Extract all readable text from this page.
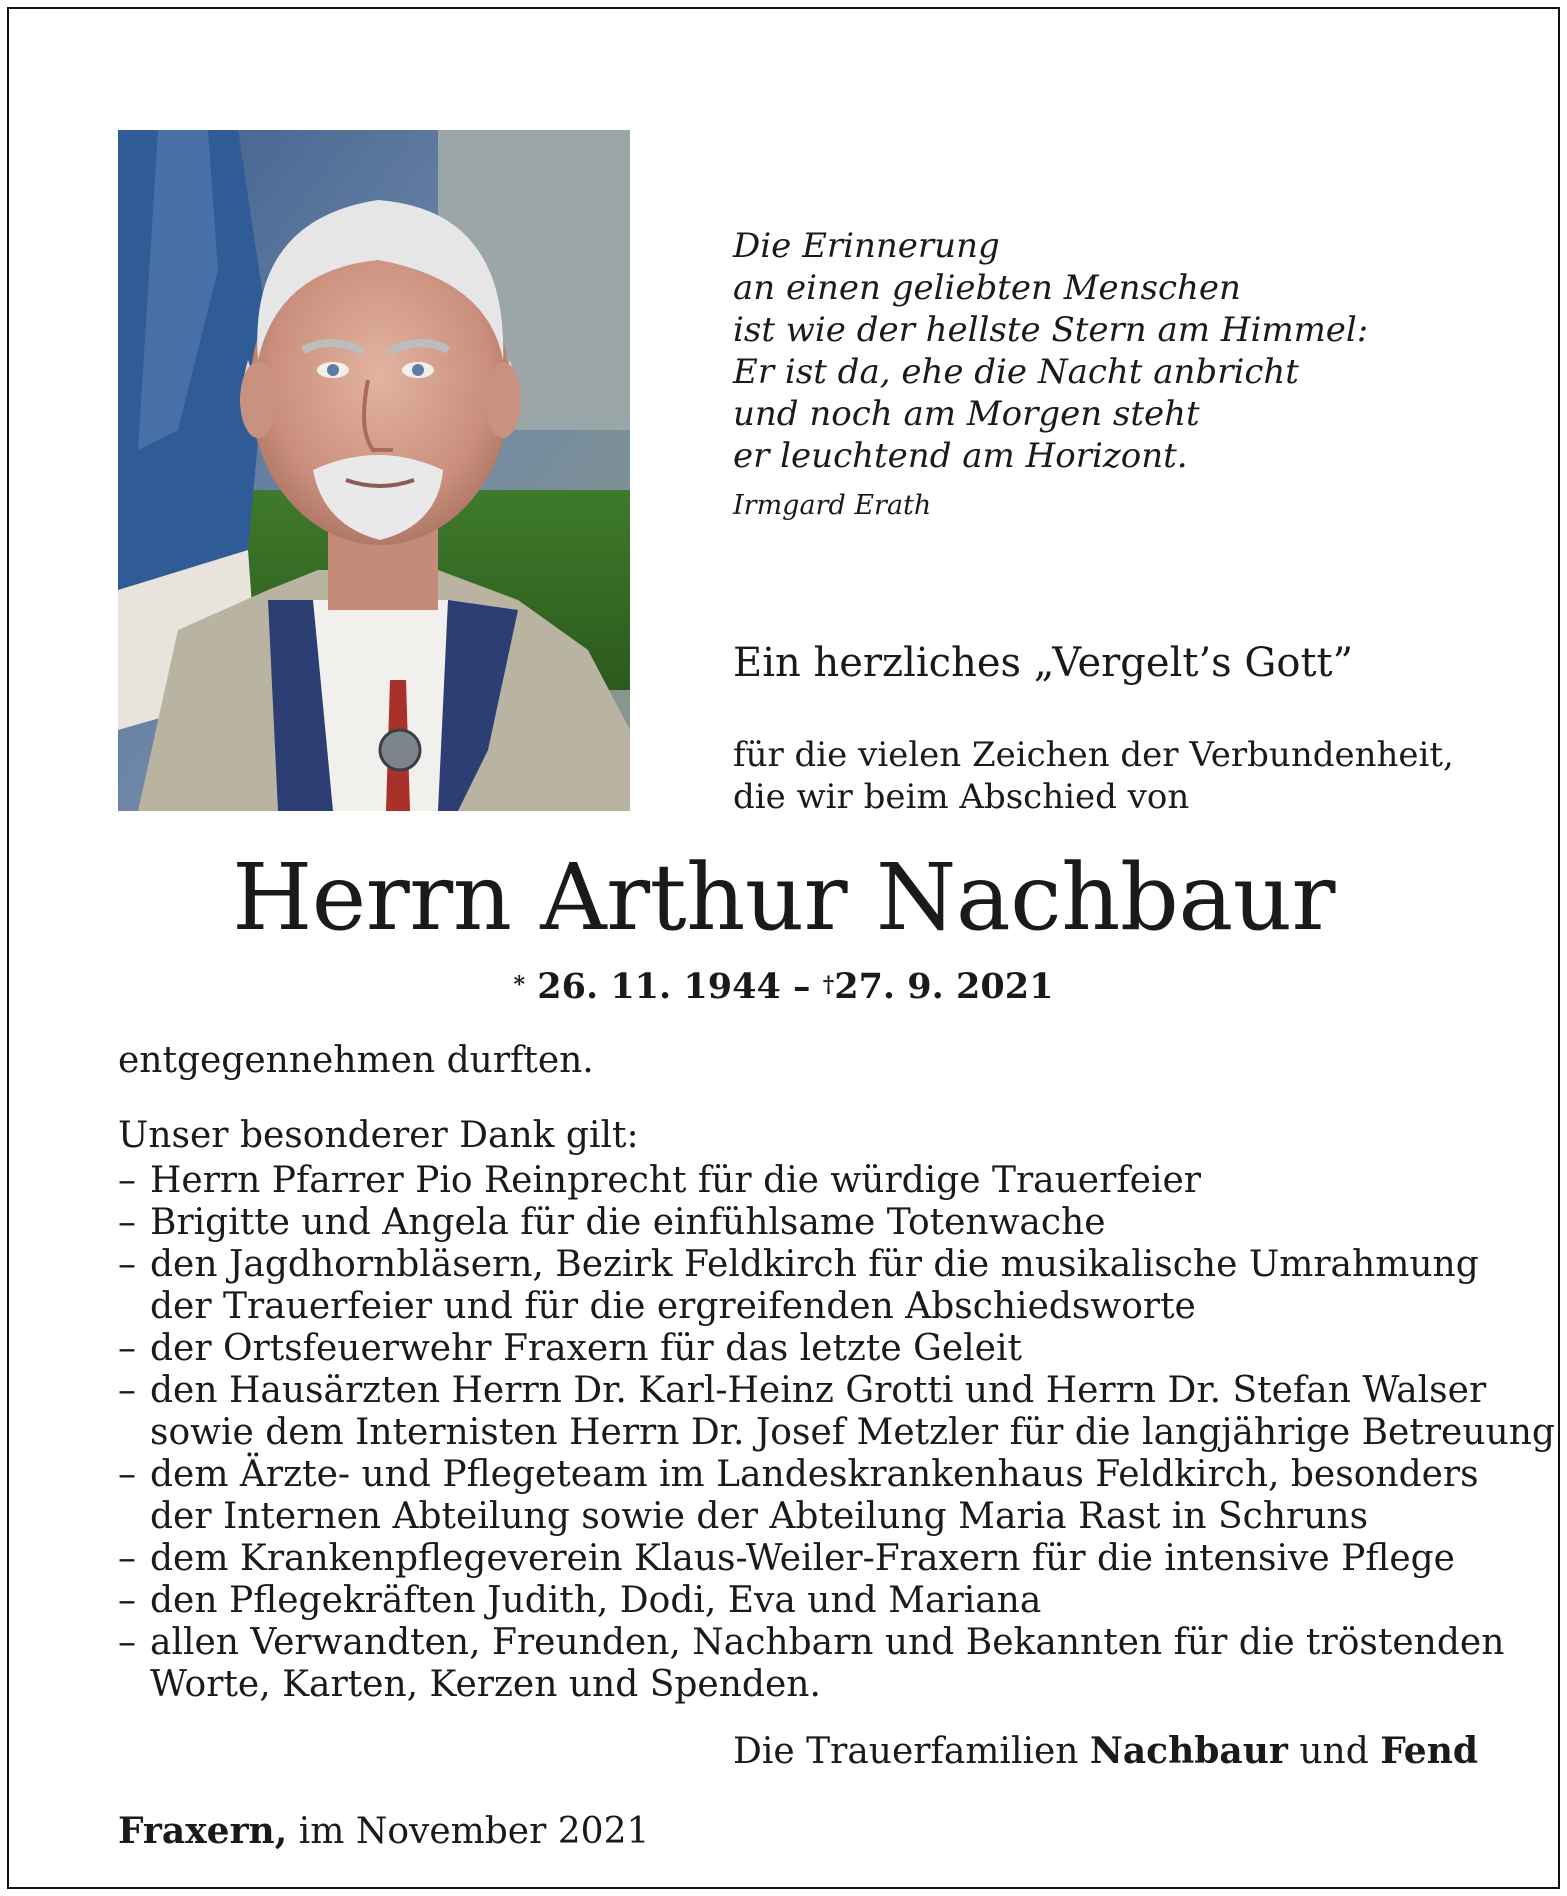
Die Erinnerung
an einen geliebten Menschen
ist wie der hellste Stern am Himmel:
Er ist da, ehe die Nacht anbricht
und noch am Morgen steht
er leuchtend am Horizont.
Irmgard Erath
Ein herzliches „Vergelt’s Gott”
für die vielen Zeichen der Verbundenheit,
die wir beim Abschied von
Herrn Arthur Nachbaur
* 26. 11. 1944 – †27. 9. 2021
entgegennehmen durften.
Unser besonderer Dank gilt:
– Herrn Pfarrer Pio Reinprecht für die würdige Trauerfeier
– Brigitte und Angela für die einfühlsame Totenwache
– den Jagdhornbläsern, Bezirk Feldkirch für die musikalische Umrahmung
der Trauerfeier und für die ergreifenden Abschiedsworte
– der Ortsfeuerwehr Fraxern für das letzte Geleit
– den Hausärzten Herrn Dr. Karl-Heinz Grotti und Herrn Dr. Stefan Walser
sowie dem Internisten Herrn Dr. Josef Metzler für die langjährige Betreuung
– dem Ärzte- und Pflegeteam im Landeskrankenhaus Feldkirch, besonders
der Internen Abteilung sowie der Abteilung Maria Rast in Schruns
– dem Krankenpflegeverein Klaus-Weiler-Fraxern für die intensive Pflege
– den Pflegekräften Judith, Dodi, Eva und Mariana
– allen Verwandten, Freunden, Nachbarn und Bekannten für die tröstenden
Worte, Karten, Kerzen und Spenden.
Die Trauerfamilien Nachbaur und Fend
Fraxern, im November 2021
